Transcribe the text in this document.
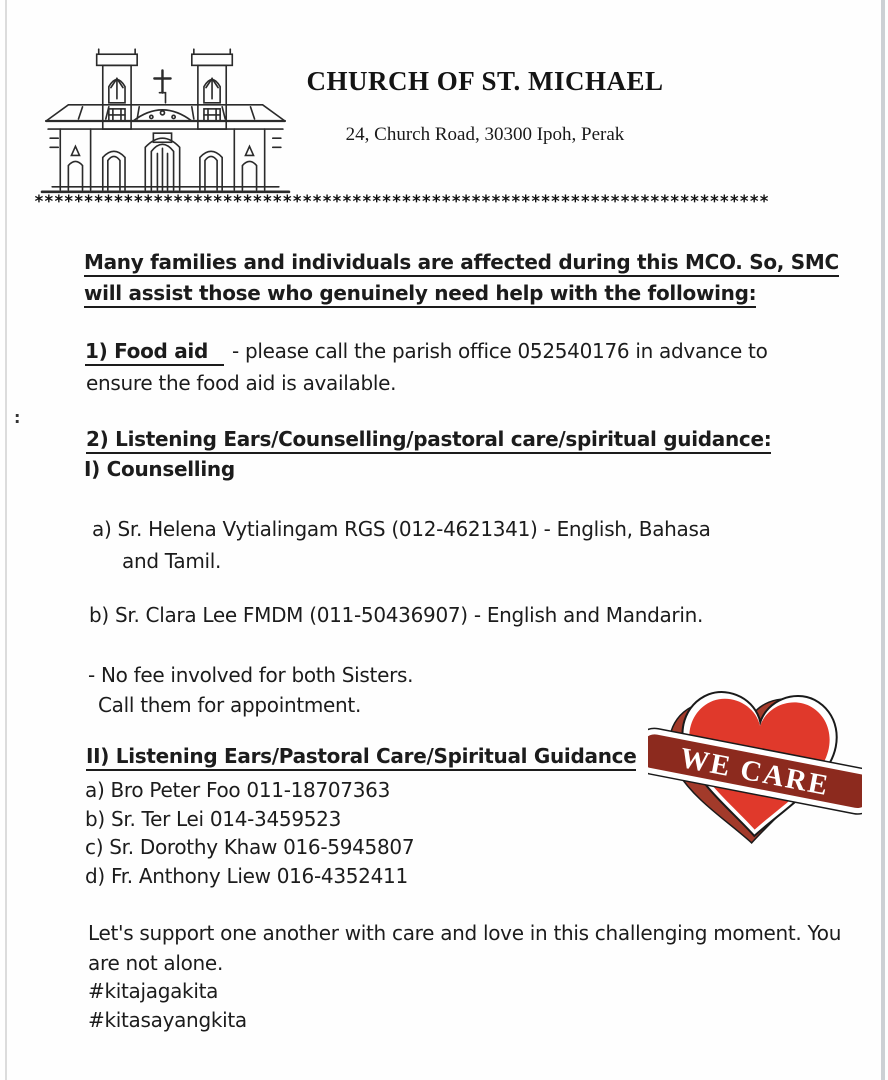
CHURCH OF ST. MICHAEL
24, Church Road, 30300 Ipoh, Perak
**************************************************************************
Many families and individuals are affected during this MCO. So, SMC
will assist those who genuinely need help with the following:
1) Food aid - please call the parish office 052540176 in advance to
ensure the food aid is available.
:
2) Listening Ears/Counselling/pastoral care/spiritual guidance:
I) Counselling
a) Sr. Helena Vytialingam RGS (012-4621341) - English, Bahasa
and Tamil.
b) Sr. Clara Lee FMDM (011-50436907) - English and Mandarin.
- No fee involved for both Sisters.
Call them for appointment.
II) Listening Ears/Pastoral Care/Spiritual Guidance
a) Bro Peter Foo 011-18707363
b) Sr. Ter Lei 014-3459523
c) Sr. Dorothy Khaw 016-5945807
d) Fr. Anthony Liew 016-4352411
Let's support one another with care and love in this challenging moment. You
are not alone.
#kitajagakita
#kitasayangkita
WE CARE
